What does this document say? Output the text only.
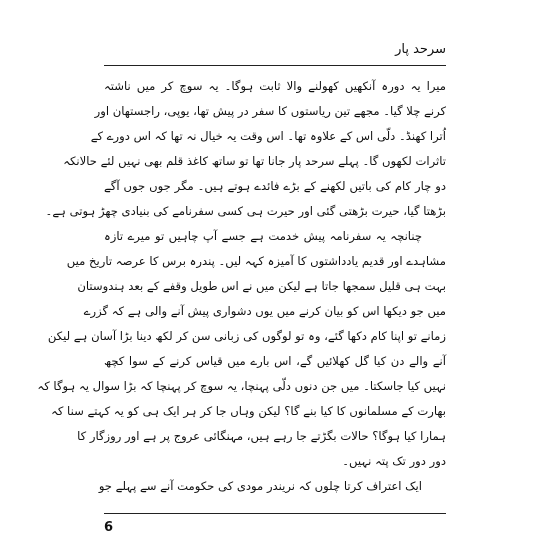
سرحد پار
میرا یہ دورہ آنکھیں کھولنے والا ثابت ہوگا۔ یہ سوچ کر میں ناشتہ
کرنے چلا گیا۔ مجھے تین ریاستوں کا سفر در پیش تھا، یوپی، راجستھان اور
اُترا کھنڈ۔ دلّی اس کے علاوہ تھا۔ اس وقت یہ خیال نہ تھا کہ اس دورے کے
تاثرات لکھوں گا۔ پہلے سرحد پار جانا تھا تو ساتھ کاغذ قلم بھی نہیں لئے حالانکہ
دو چار کام کی باتیں لکھنے کے بڑے فائدے ہوتے ہیں۔ مگر جوں جوں آگے
بڑھتا گیا، حیرت بڑھتی گئی اور حیرت ہی کسی سفرنامے کی بنیادی چھڑ ہوتی ہے۔
چنانچہ یہ سفرنامہ پیش خدمت ہے جسے آپ چاہیں تو میرے تازہ
مشاہدے اور قدیم یادداشتوں کا آمیزہ کہہ لیں۔ پندرہ برس کا عرصہ تاریخ میں
بہت ہی قلیل سمجھا جاتا ہے لیکن میں نے اس طویل وقفے کے بعد ہندوستان
میں جو دیکھا اس کو بیان کرنے میں یوں دشواری پیش آنے والی ہے کہ گزرے
زمانے تو اپنا کام دکھا گئے، وہ تو لوگوں کی زبانی سن کر لکھ دینا بڑا آسان ہے لیکن
آنے والے دن کیا گل کھلائیں گے، اس بارے میں قیاس کرنے کے سوا کچھ
نہیں کیا جاسکتا۔ میں جن دنوں دلّی پہنچا، یہ سوچ کر پہنچا کہ بڑا سوال یہ ہوگا کہ
بھارت کے مسلمانوں کا کیا بنے گا؟ لیکن وہاں جا کر ہر ایک ہی کو یہ کہتے سنا کہ
ہمارا کیا ہوگا؟ حالات بگڑتے جا رہے ہیں، مہنگائی عروج پر ہے اور روزگار کا
دور دور تک پتہ نہیں۔
ایک اعتراف کرتا چلوں کہ نریندر مودی کی حکومت آنے سے پہلے جو
6
